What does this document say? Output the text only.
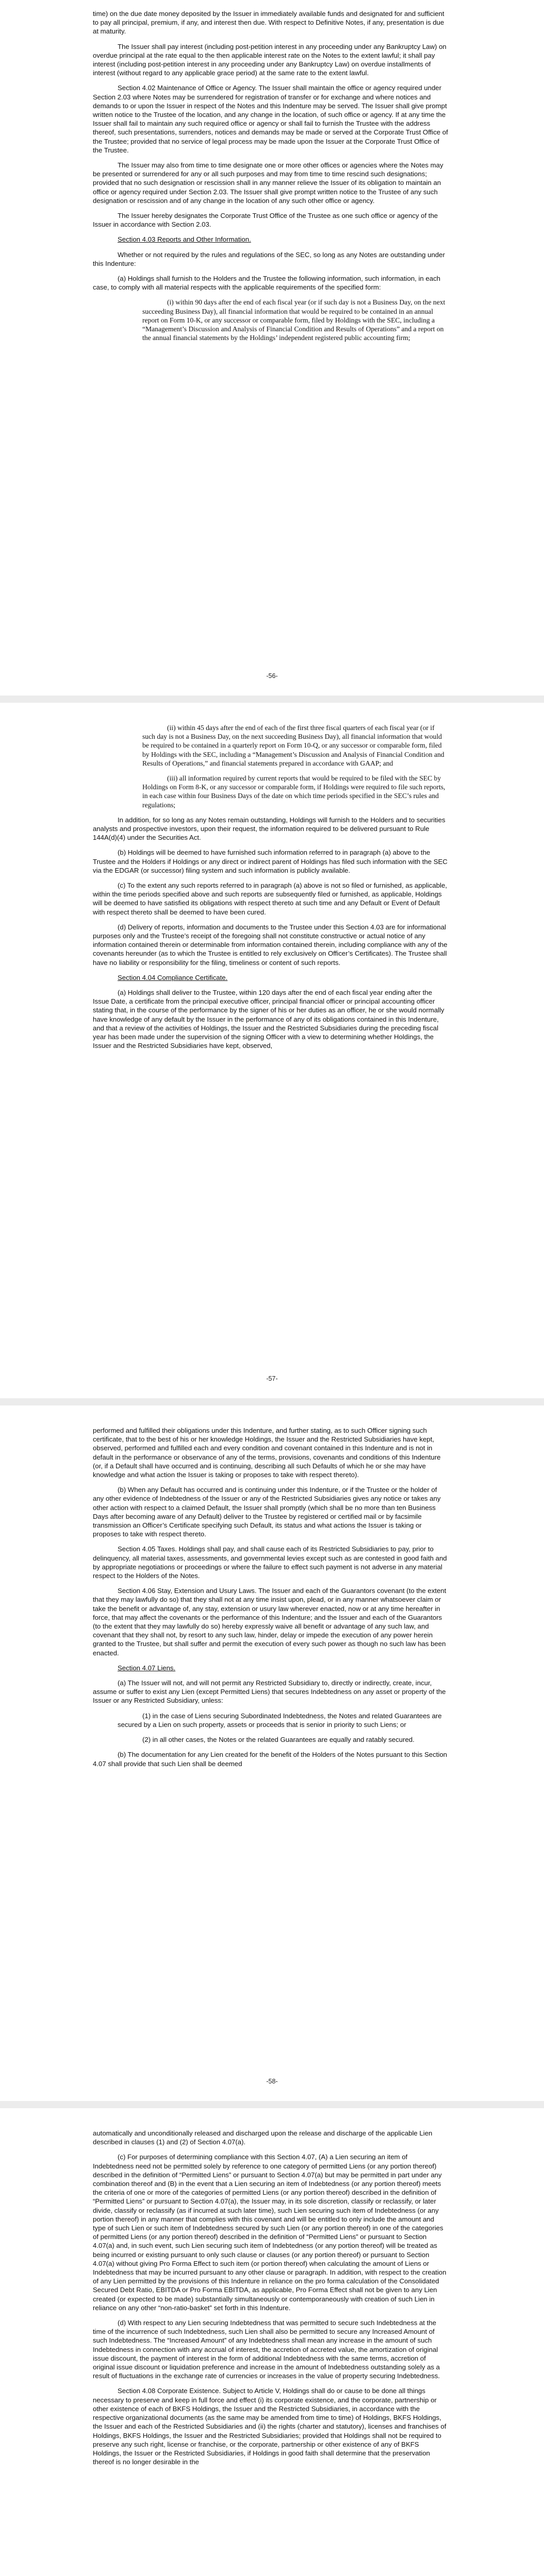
time) on the due date money deposited by the Issuer in immediately available funds and designated for and sufficient to pay all principal, premium, if any, and interest then due. With respect to Definitive Notes, if any, presentation is due at maturity.

The Issuer shall pay interest (including post-petition interest in any proceeding under any Bankruptcy Law) on overdue principal at the rate equal to the then applicable interest rate on the Notes to the extent lawful; it shall pay interest (including post-petition interest in any proceeding under any Bankruptcy Law) on overdue installments of interest (without regard to any applicable grace period) at the same rate to the extent lawful.

Section 4.02 Maintenance of Office or Agency. The Issuer shall maintain the office or agency required under Section 2.03 where Notes may be surrendered for registration of transfer or for exchange and where notices and demands to or upon the Issuer in respect of the Notes and this Indenture may be served. The Issuer shall give prompt written notice to the Trustee of the location, and any change in the location, of such office or agency. If at any time the Issuer shall fail to maintain any such required office or agency or shall fail to furnish the Trustee with the address thereof, such presentations, surrenders, notices and demands may be made or served at the Corporate Trust Office of the Trustee; provided that no service of legal process may be made upon the Issuer at the Corporate Trust Office of the Trustee.

The Issuer may also from time to time designate one or more other offices or agencies where the Notes may be presented or surrendered for any or all such purposes and may from time to time rescind such designations; provided that no such designation or rescission shall in any manner relieve the Issuer of its obligation to maintain an office or agency required under Section 2.03. The Issuer shall give prompt written notice to the Trustee of any such designation or rescission and of any change in the location of any such other office or agency.

The Issuer hereby designates the Corporate Trust Office of the Trustee as one such office or agency of the Issuer in accordance with Section 2.03.

Section 4.03 Reports and Other Information.

Whether or not required by the rules and regulations of the SEC, so long as any Notes are outstanding under this Indenture:

(a) Holdings shall furnish to the Holders and the Trustee the following information, such information, in each case, to comply with all material respects with the applicable requirements of the specified form:

(i) within 90 days after the end of each fiscal year (or if such day is not a Business Day, on the next succeeding Business Day), all financial information that would be required to be contained in an annual report on Form 10-K, or any successor or comparable form, filed by Holdings with the SEC, including a “Management’s Discussion and Analysis of Financial Condition and Results of Operations” and a report on the annual financial statements by the Holdings’ independent registered public accounting firm;

-56-

(ii) within 45 days after the end of each of the first three fiscal quarters of each fiscal year (or if such day is not a Business Day, on the next succeeding Business Day), all financial information that would be required to be contained in a quarterly report on Form 10-Q, or any successor or comparable form, filed by Holdings with the SEC, including a “Management’s Discussion and Analysis of Financial Condition and Results of Operations,” and financial statements prepared in accordance with GAAP; and

(iii) all information required by current reports that would be required to be filed with the SEC by Holdings on Form 8-K, or any successor or comparable form, if Holdings were required to file such reports, in each case within four Business Days of the date on which time periods specified in the SEC’s rules and regulations;

In addition, for so long as any Notes remain outstanding, Holdings will furnish to the Holders and to securities analysts and prospective investors, upon their request, the information required to be delivered pursuant to Rule 144A(d)(4) under the Securities Act.

(b) Holdings will be deemed to have furnished such information referred to in paragraph (a) above to the Trustee and the Holders if Holdings or any direct or indirect parent of Holdings has filed such information with the SEC via the EDGAR (or successor) filing system and such information is publicly available.

(c) To the extent any such reports referred to in paragraph (a) above is not so filed or furnished, as applicable, within the time periods specified above and such reports are subsequently filed or furnished, as applicable, Holdings will be deemed to have satisfied its obligations with respect thereto at such time and any Default or Event of Default with respect thereto shall be deemed to have been cured.

(d) Delivery of reports, information and documents to the Trustee under this Section 4.03 are for informational purposes only and the Trustee’s receipt of the foregoing shall not constitute constructive or actual notice of any information contained therein or determinable from information contained therein, including compliance with any of the covenants hereunder (as to which the Trustee is entitled to rely exclusively on Officer’s Certificates). The Trustee shall have no liability or responsibility for the filing, timeliness or content of such reports.

Section 4.04 Compliance Certificate.

(a) Holdings shall deliver to the Trustee, within 120 days after the end of each fiscal year ending after the Issue Date, a certificate from the principal executive officer, principal financial officer or principal accounting officer stating that, in the course of the performance by the signer of his or her duties as an officer, he or she would normally have knowledge of any default by the Issuer in the performance of any of its obligations contained in this Indenture, and that a review of the activities of Holdings, the Issuer and the Restricted Subsidiaries during the preceding fiscal year has been made under the supervision of the signing Officer with a view to determining whether Holdings, the Issuer and the Restricted Subsidiaries have kept, observed,

-57-

performed and fulfilled their obligations under this Indenture, and further stating, as to such Officer signing such certificate, that to the best of his or her knowledge Holdings, the Issuer and the Restricted Subsidiaries have kept, observed, performed and fulfilled each and every condition and covenant contained in this Indenture and is not in default in the performance or observance of any of the terms, provisions, covenants and conditions of this Indenture (or, if a Default shall have occurred and is continuing, describing all such Defaults of which he or she may have knowledge and what action the Issuer is taking or proposes to take with respect thereto).

(b) When any Default has occurred and is continuing under this Indenture, or if the Trustee or the holder of any other evidence of Indebtedness of the Issuer or any of the Restricted Subsidiaries gives any notice or takes any other action with respect to a claimed Default, the Issuer shall promptly (which shall be no more than ten Business Days after becoming aware of any Default) deliver to the Trustee by registered or certified mail or by facsimile transmission an Officer’s Certificate specifying such Default, its status and what actions the Issuer is taking or proposes to take with respect thereto.

Section 4.05 Taxes. Holdings shall pay, and shall cause each of its Restricted Subsidiaries to pay, prior to delinquency, all material taxes, assessments, and governmental levies except such as are contested in good faith and by appropriate negotiations or proceedings or where the failure to effect such payment is not adverse in any material respect to the Holders of the Notes.

Section 4.06 Stay, Extension and Usury Laws. The Issuer and each of the Guarantors covenant (to the extent that they may lawfully do so) that they shall not at any time insist upon, plead, or in any manner whatsoever claim or take the benefit or advantage of, any stay, extension or usury law wherever enacted, now or at any time hereafter in force, that may affect the covenants or the performance of this Indenture; and the Issuer and each of the Guarantors (to the extent that they may lawfully do so) hereby expressly waive all benefit or advantage of any such law, and covenant that they shall not, by resort to any such law, hinder, delay or impede the execution of any power herein granted to the Trustee, but shall suffer and permit the execution of every such power as though no such law has been enacted.

Section 4.07 Liens.

(a) The Issuer will not, and will not permit any Restricted Subsidiary to, directly or indirectly, create, incur, assume or suffer to exist any Lien (except Permitted Liens) that secures Indebtedness on any asset or property of the Issuer or any Restricted Subsidiary, unless:

(1) in the case of Liens securing Subordinated Indebtedness, the Notes and related Guarantees are secured by a Lien on such property, assets or proceeds that is senior in priority to such Liens; or

(2) in all other cases, the Notes or the related Guarantees are equally and ratably secured.

(b) The documentation for any Lien created for the benefit of the Holders of the Notes pursuant to this Section 4.07 shall provide that such Lien shall be deemed

-58-

automatically and unconditionally released and discharged upon the release and discharge of the applicable Lien described in clauses (1) and (2) of Section 4.07(a).

(c) For purposes of determining compliance with this Section 4.07, (A) a Lien securing an item of Indebtedness need not be permitted solely by reference to one category of permitted Liens (or any portion thereof) described in the definition of “Permitted Liens” or pursuant to Section 4.07(a) but may be permitted in part under any combination thereof and (B) in the event that a Lien securing an item of Indebtedness (or any portion thereof) meets the criteria of one or more of the categories of permitted Liens (or any portion thereof) described in the definition of “Permitted Liens” or pursuant to Section 4.07(a), the Issuer may, in its sole discretion, classify or reclassify, or later divide, classify or reclassify (as if incurred at such later time), such Lien securing such item of Indebtedness (or any portion thereof) in any manner that complies with this covenant and will be entitled to only include the amount and type of such Lien or such item of Indebtedness secured by such Lien (or any portion thereof) in one of the categories of permitted Liens (or any portion thereof) described in the definition of “Permitted Liens” or pursuant to Section 4.07(a) and, in such event, such Lien securing such item of Indebtedness (or any portion thereof) will be treated as being incurred or existing pursuant to only such clause or clauses (or any portion thereof) or pursuant to Section 4.07(a) without giving Pro Forma Effect to such item (or portion thereof) when calculating the amount of Liens or Indebtedness that may be incurred pursuant to any other clause or paragraph. In addition, with respect to the creation of any Lien permitted by the provisions of this Indenture in reliance on the pro forma calculation of the Consolidated Secured Debt Ratio, EBITDA or Pro Forma EBITDA, as applicable, Pro Forma Effect shall not be given to any Lien created (or expected to be made) substantially simultaneously or contemporaneously with creation of such Lien in reliance on any other “non-ratio-basket” set forth in this Indenture.

(d) With respect to any Lien securing Indebtedness that was permitted to secure such Indebtedness at the time of the incurrence of such Indebtedness, such Lien shall also be permitted to secure any Increased Amount of such Indebtedness. The “Increased Amount” of any Indebtedness shall mean any increase in the amount of such Indebtedness in connection with any accrual of interest, the accretion of accreted value, the amortization of original issue discount, the payment of interest in the form of additional Indebtedness with the same terms, accretion of original issue discount or liquidation preference and increase in the amount of Indebtedness outstanding solely as a result of fluctuations in the exchange rate of currencies or increases in the value of property securing Indebtedness.

Section 4.08 Corporate Existence. Subject to Article V, Holdings shall do or cause to be done all things necessary to preserve and keep in full force and effect (i) its corporate existence, and the corporate, partnership or other existence of each of BKFS Holdings, the Issuer and the Restricted Subsidiaries, in accordance with the respective organizational documents (as the same may be amended from time to time) of Holdings, BKFS Holdings, the Issuer and each of the Restricted Subsidiaries and (ii) the rights (charter and statutory), licenses and franchises of Holdings, BKFS Holdings, the Issuer and the Restricted Subsidiaries; provided that Holdings shall not be required to preserve any such right, license or franchise, or the corporate, partnership or other existence of any of BKFS Holdings, the Issuer or the Restricted Subsidiaries, if Holdings in good faith shall determine that the preservation thereof is no longer desirable in the
